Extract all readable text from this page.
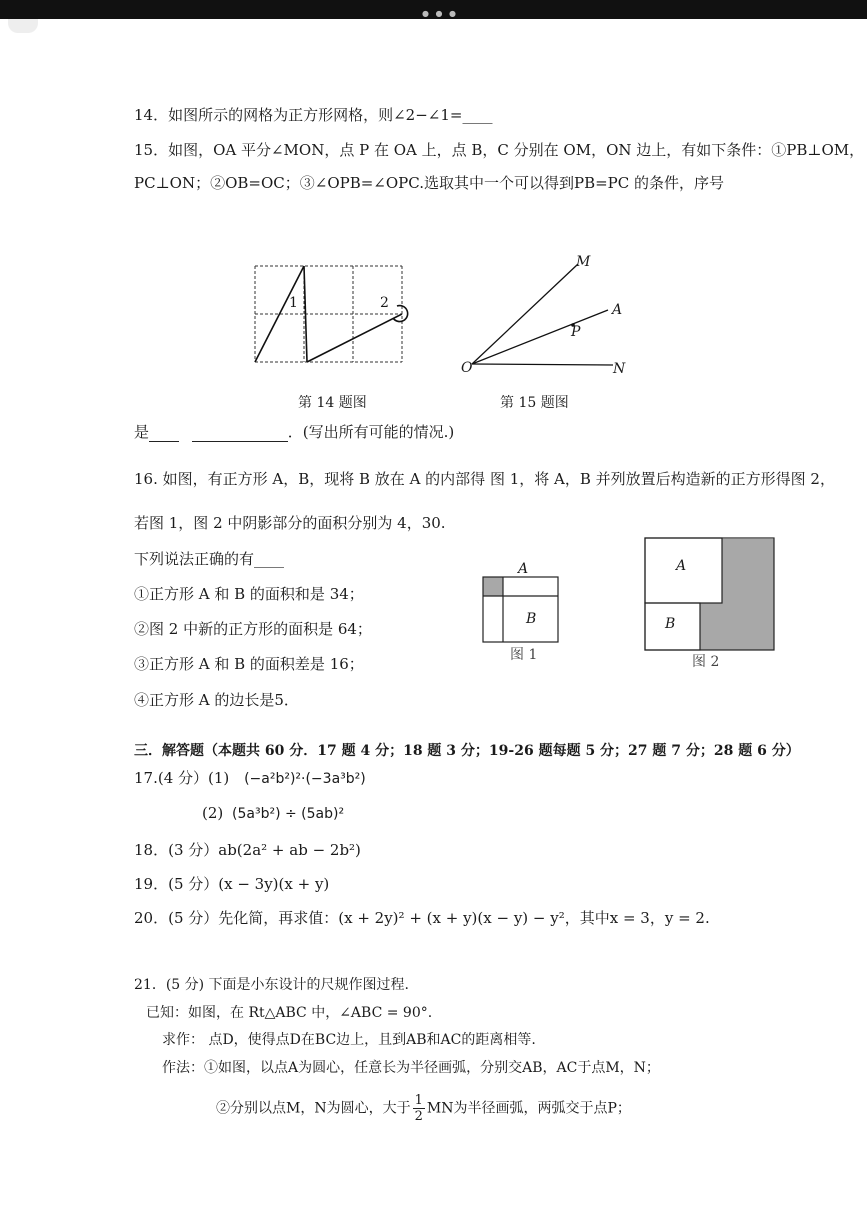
● ● ●
14．如图所示的网格为正方形网格，则∠2−∠1=____
15．如图，OA 平分∠MON，点 P 在 OA 上，点 B，C 分别在 OM，ON 边上，有如下条件：①PB⊥OM，
PC⊥ON；②OB=OC；③∠OPB=∠OPC.选取其中一个可以得到PB=PC 的条件，序号
1	2
第 14 题图
M
A
P
O	N
第 15 题图
是	．(写出所有可能的情况.)
16. 如图，有正方形 A，B，现将 B 放在 A 的内部得 图 1，将 A，B 并列放置后构造新的正方形得图 2，
若图 1，图 2 中阴影部分的面积分别为 4，30.
下列说法正确的有____
①正方形 A 和 B 的面积和是 34；
②图 2 中新的正方形的面积是 64；
③正方形 A 和 B 的面积差是 16；
④正方形 A 的边长是5．
A
B
图 1
A
B
图 2
三．解答题（本题共 60 分．17 题 4 分；18 题 3 分；19-26 题每题 5 分；27 题 7 分；28 题 6 分）
17.(4 分）(1) (−a²b²)²·(−3a³b²)
(2) (5a³b²) ÷ (5ab)²
18．(3 分）ab(2a² + ab − 2b²)
19．(5 分）(x − 3y)(x + y)
20．(5 分）先化简，再求值：(x + 2y)² + (x + y)(x − y) − y²，其中x = 3，y = 2.
21．(5 分) 下面是小东设计的尺规作图过程.
已知：如图，在 Rt△ABC 中，∠ABC = 90°.
求作： 点D，使得点D在BC边上，且到AB和AC的距离相等.
作法：①如图，以点A为圆心，任意长为半径画弧，分别交AB，AC于点M，N；
②分别以点M，N为圆心，大于 $\frac{1}{2}$ MN为半径画弧，两弧交于点P；
